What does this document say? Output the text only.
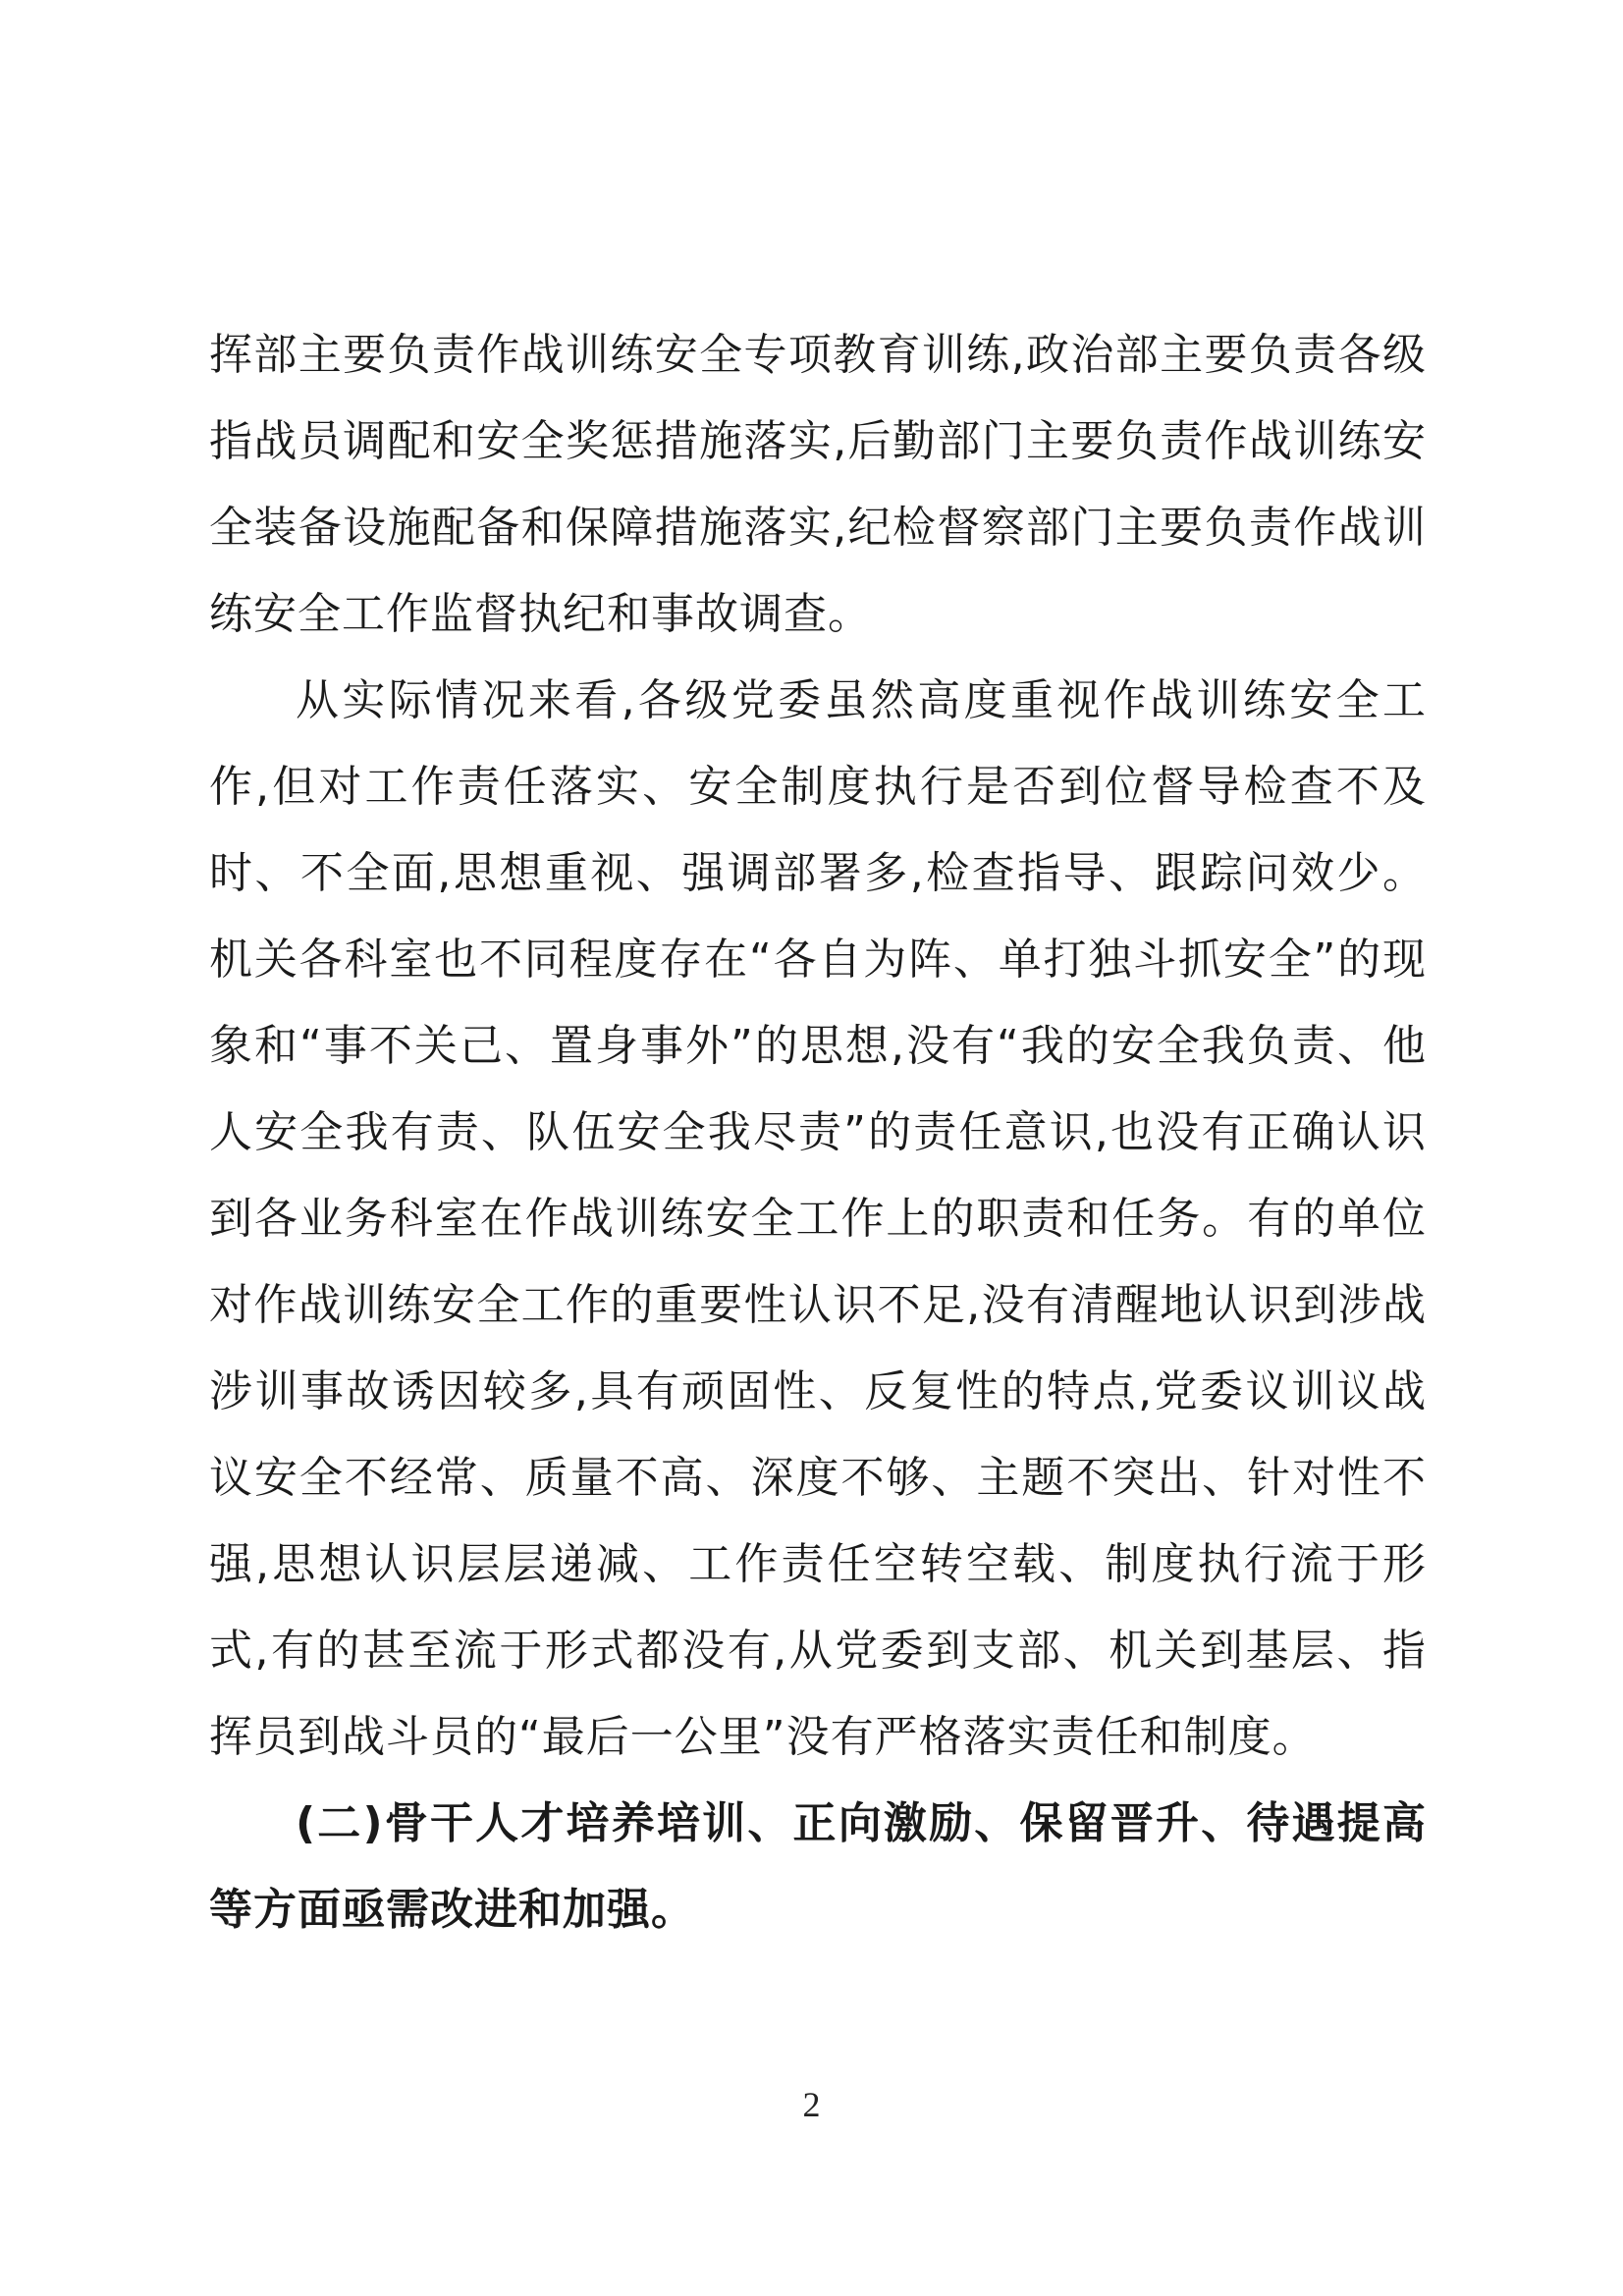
挥部主要负责作战训练安全专项教育训练,政治部主要负责各级指战员调配和安全奖惩措施落实,后勤部门主要负责作战训练安全装备设施配备和保障措施落实,纪检督察部门主要负责作战训练安全工作监督执纪和事故调查。

从实际情况来看,各级党委虽然高度重视作战训练安全工作,但对工作责任落实、安全制度执行是否到位督导检查不及时、不全面,思想重视、强调部署多,检查指导、跟踪问效少。机关各科室也不同程度存在“各自为阵、单打独斗抓安全”的现象和“事不关己、置身事外”的思想,没有“我的安全我负责、他人安全我有责、队伍安全我尽责”的责任意识,也没有正确认识到各业务科室在作战训练安全工作上的职责和任务。有的单位对作战训练安全工作的重要性认识不足,没有清醒地认识到涉战涉训事故诱因较多,具有顽固性、反复性的特点,党委议训议战议安全不经常、质量不高、深度不够、主题不突出、针对性不强,思想认识层层递减、工作责任空转空载、制度执行流于形式,有的甚至流于形式都没有,从党委到支部、机关到基层、指挥员到战斗员的“最后一公里”没有严格落实责任和制度。

(二)骨干人才培养培训、正向激励、保留晋升、待遇提高等方面亟需改进和加强。

2
